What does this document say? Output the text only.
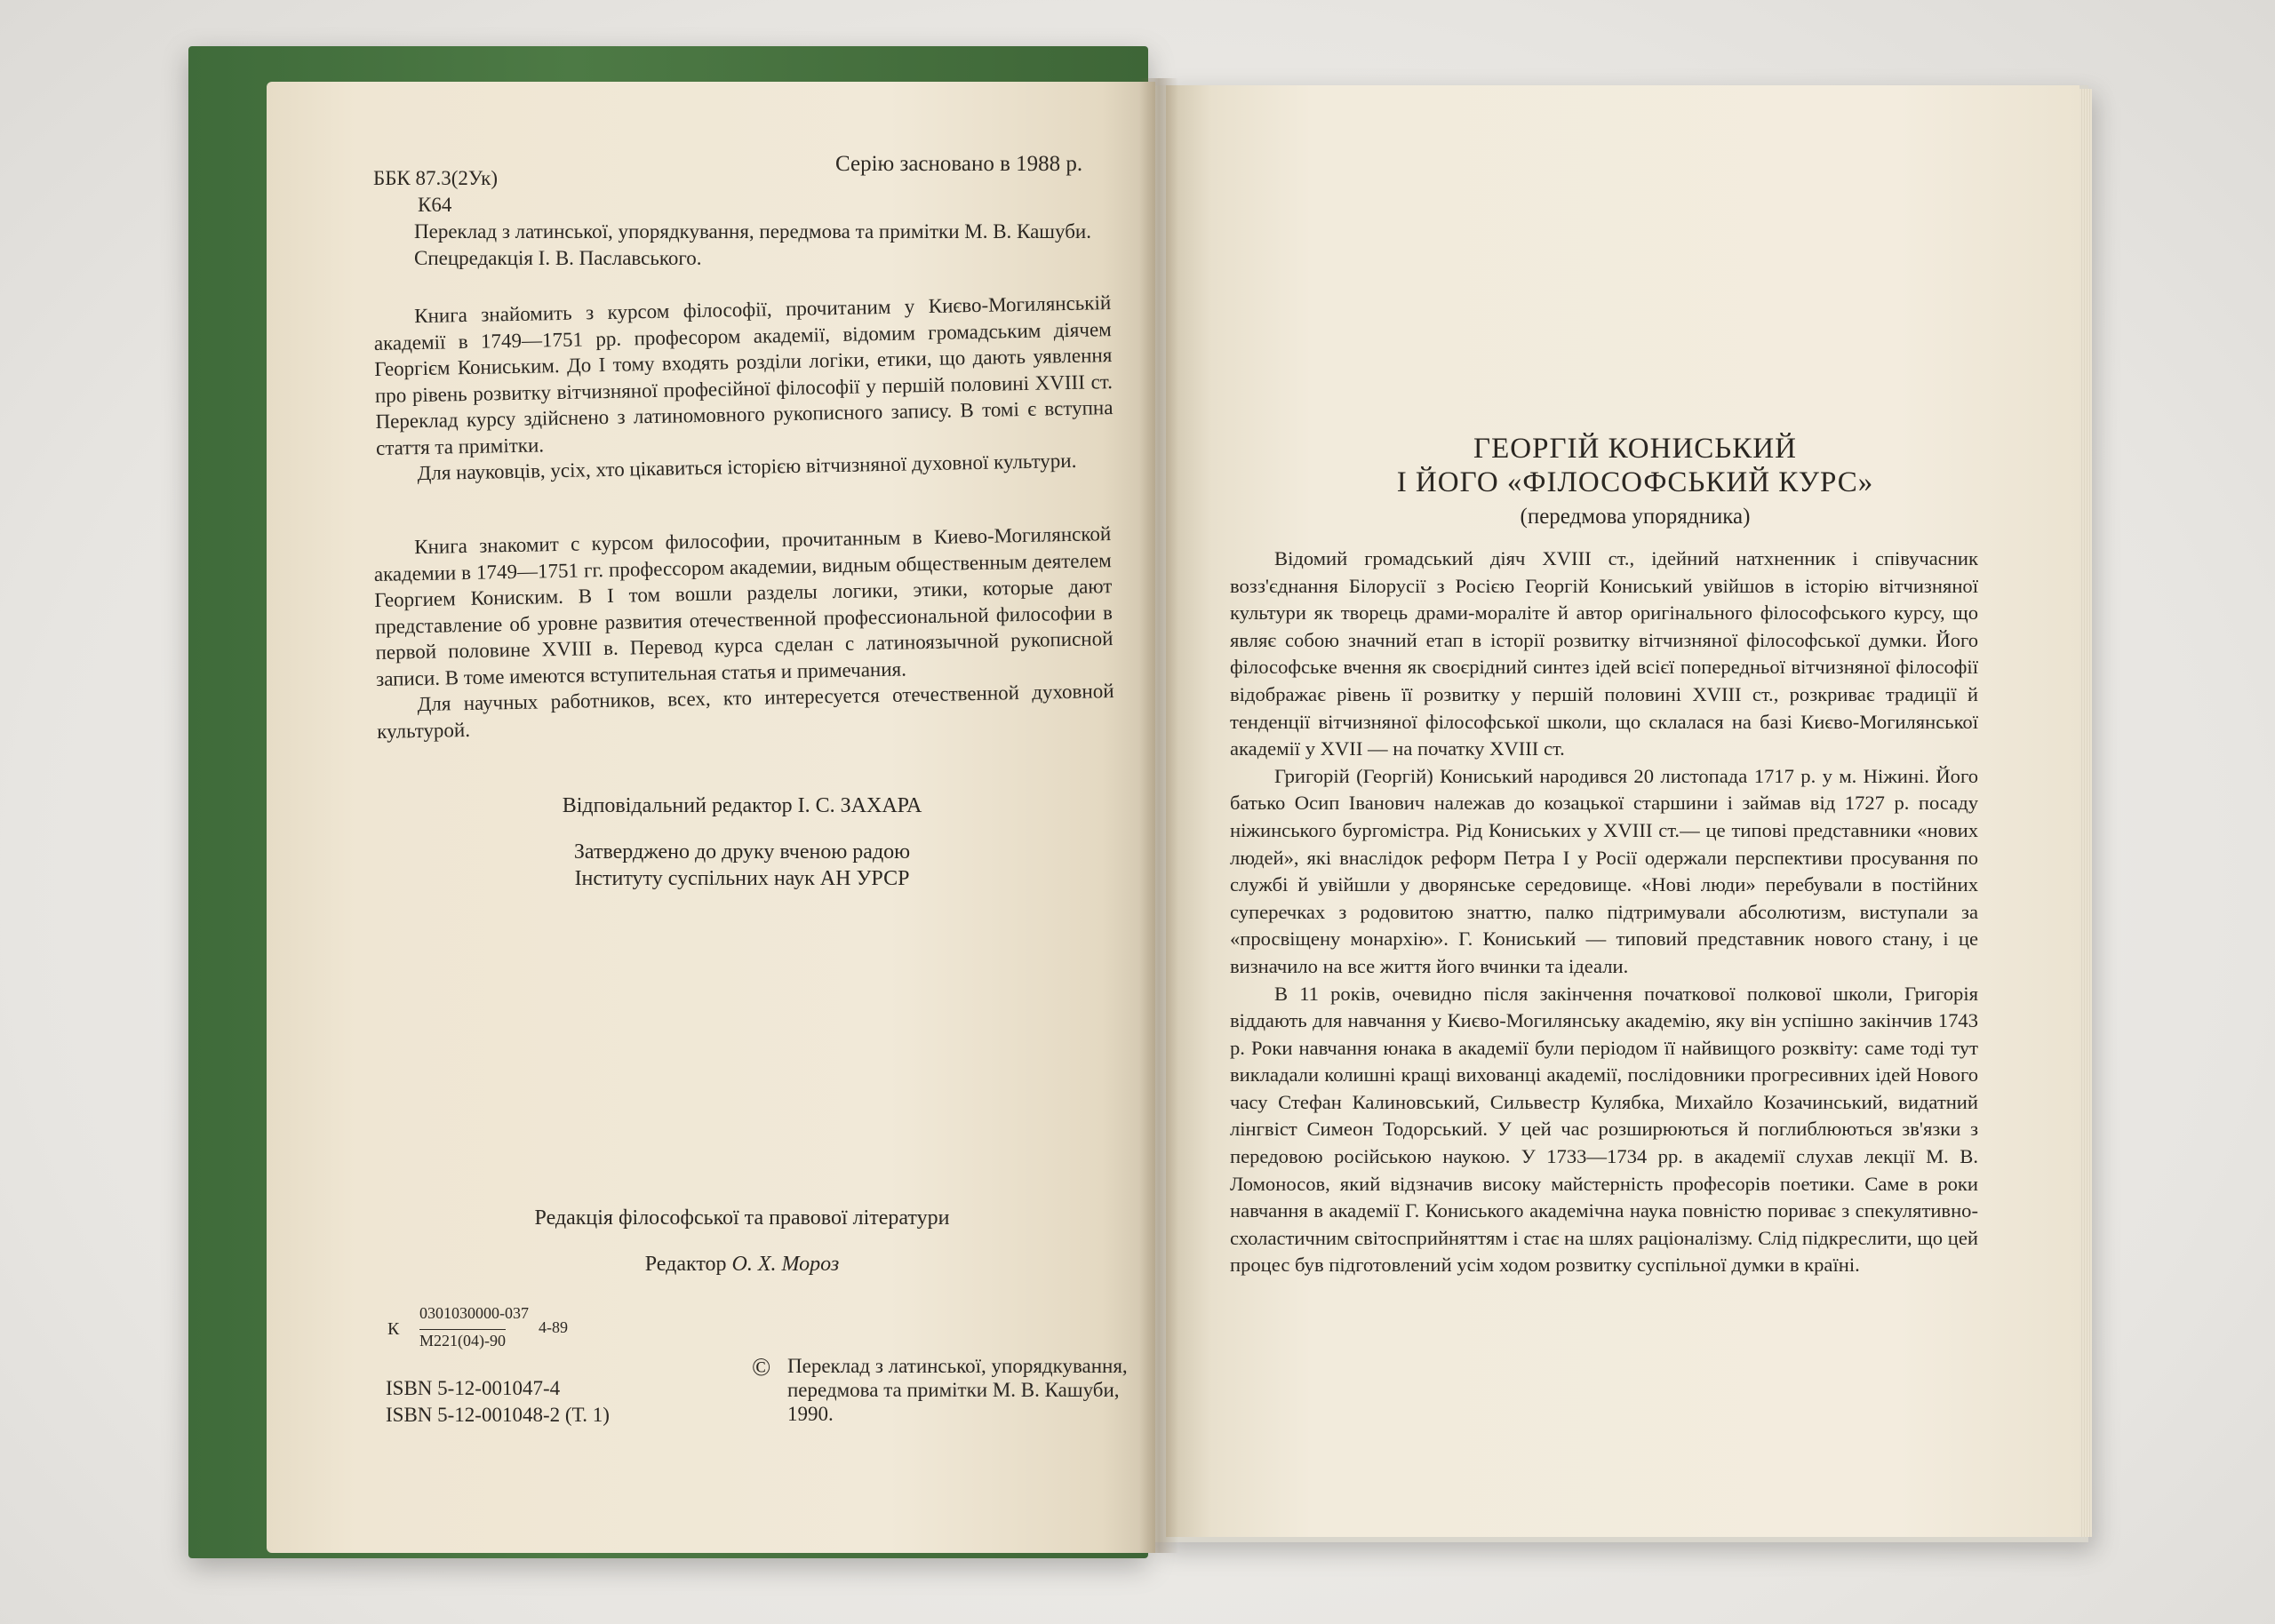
ББК 87.3(2Ук)
К64
Серію засновано в 1988 р.

Переклад з латинської, упорядкування, передмова та примітки М. В. Кашуби.

Спецредакція І. В. Паславського.

Книга знайомить з курсом філософії, прочитаним у Києво-Могилянській академії в 1749—1751 рр. професором академії, відомим громадським діячем Георгієм Кониським. До І тому входять розділи логіки, етики, що дають уявлення про рівень розвитку вітчизняної професійної філософії у першій половині XVIII ст. Переклад курсу здійснено з латиномовного рукописного запису. В томі є вступна стаття та примітки.

Для науковців, усіх, хто цікавиться історією вітчизняної духовної культури.

Книга знакомит с курсом философии, прочитанным в Киево-Могилянской академии в 1749—1751 гг. профессором академии, видным общественным деятелем Георгием Кониским. В І том вошли разделы логики, этики, которые дают представление об уровне развития отечественной профессиональной философии в первой половине XVIII в. Перевод курса сделан с латиноязычной рукописной записи. В томе имеются вступительная статья и примечания.

Для научных работников, всех, кто интересуется отечественной духовной культурой.

Відповідальний редактор І. С. ЗАХАРА
Затверджено до друку вченою радою
Інституту суспільних наук АН УРСР
Редакція філософської та правової літератури
Редактор О. Х. Мороз
К
0301030000-037
М221(04)-90
4-89
ISBN 5-12-001047-4
ISBN 5-12-001048-2 (Т. 1)
© Переклад з латинської, упорядкування, передмова та примітки М. В. Кашуби, 1990.
ГЕОРГІЙ КОНИСЬКИЙ
І ЙОГО «ФІЛОСОФСЬКИЙ КУРС»
(передмова упорядника)

Відомий громадський діяч XVIII ст., ідейний натхненник і співучасник возз'єднання Білорусії з Росією Георгій Кониський увійшов в історію вітчизняної культури як творець драми-мораліте й автор оригінального філософського курсу, що являє собою значний етап в історії розвитку вітчизняної філософської думки. Його філософське вчення як своєрідний синтез ідей всієї попередньої вітчизняної філософії відображає рівень її розвитку у першій половині XVIII ст., розкриває традиції й тенденції вітчизняної філософської школи, що склалася на базі Києво-Могилянської академії у XVII — на початку XVIII ст.

Григорій (Георгій) Кониський народився 20 листопада 1717 р. у м. Ніжині. Його батько Осип Іванович належав до козацької старшини і займав від 1727 р. посаду ніжинського бургомістра. Рід Кониських у XVIII ст.— це типові представники «нових людей», які внаслідок реформ Петра І у Росії одержали перспективи просування по службі й увійшли у дворянське середовище. «Нові люди» перебували в постійних суперечках з родовитою знаттю, палко підтримували абсолютизм, виступали за «просвіщену монархію». Г. Кониський — типовий представник нового стану, і це визначило на все життя його вчинки та ідеали.

В 11 років, очевидно після закінчення початкової полкової школи, Григорія віддають для навчання у Києво-Могилянську академію, яку він успішно закінчив 1743 р. Роки навчання юнака в академії були періодом її найвищого розквіту: саме тоді тут викладали колишні кращі вихованці академії, послідовники прогресивних ідей Нового часу Стефан Калиновський, Сильвестр Кулябка, Михайло Козачинський, видатний лінгвіст Симеон Тодорський. У цей час розширюються й поглиблюються зв'язки з передовою російською наукою. У 1733—1734 рр. в академії слухав лекції М. В. Ломоносов, який відзначив високу майстерність професорів поетики. Саме в роки навчання в академії Г. Кониського академічна наука повністю пориває з спекулятивно-схоластичним світосприйняттям і стає на шлях раціоналізму. Слід підкреслити, що цей процес був підготовлений усім ходом розвитку суспільної думки в країні.
